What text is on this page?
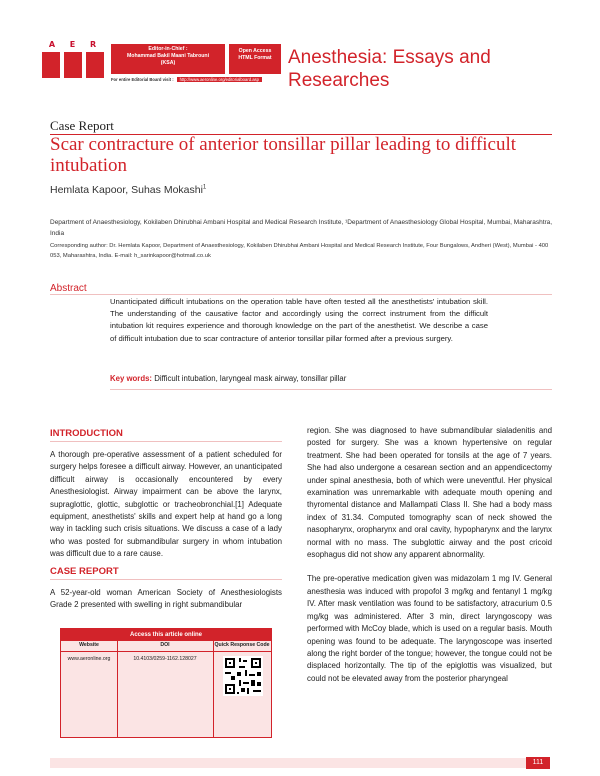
A E R	Editor-in-Chief :
Mohammad Bakil Maani Tabrouni
(KSA)
Open Access
HTML Format
For entire Editorial Board visit : http://www.aeronline.org/editorialboard.asp
Anesthesia: Essays and Researches
Case Report
Scar contracture of anterior tonsillar pillar leading to difficult intubation
Hemlata Kapoor, Suhas Mokashi$^1$
Department of Anaesthesiology, Kokilaben Dhirubhai Ambani Hospital and Medical Research Institute, ¹Department of Anaesthesiology Global Hospital, Mumbai, Maharashtra, India
Corresponding author: Dr. Hemlata Kapoor, Department of Anaesthesiology, Kokilaben Dhirubhai Ambani Hospital and Medical Research Institute, Four Bungalows, Andheri (West), Mumbai - 400 053, Maharashtra, India. E-mail: h_sarinkapoor@hotmail.co.uk
Abstract
Unanticipated difficult intubations on the operation table have often tested all the anesthetists' intubation skill. The understanding of the causative factor and accordingly using the correct instrument from the difficult intubation kit requires experience and thorough knowledge on the part of the anesthetist. We describe a case of difficult intubation due to scar contracture of anterior tonsillar pillar formed after a previous surgery.
Key words: Difficult intubation, laryngeal mask airway, tonsillar pillar
INTRODUCTION
A thorough pre-operative assessment of a patient scheduled for surgery helps foresee a difficult airway. However, an unanticipated difficult airway is occasionally encountered by every Anesthesiologist. Airway impairment can be above the larynx, supraglottic, glottic, subglottic or tracheobronchial.[1] Adequate equipment, anesthetists' skills and expert help at hand go a long way in tackling such crisis situations. We discuss a case of a lady who was posted for submandibular surgery in whom intubation was difficult due to a rare cause.
CASE REPORT
A 52-year-old woman American Society of Anesthesiologists Grade 2 presented with swelling in right submandibular
Access this article online
Website	DOI	Quick Response Code
www.aeronline.org	10.4103/0259-1162.128027

region. She was diagnosed to have submandibular sialadenitis and posted for surgery. She was a known hypertensive on regular treatment. She had been operated for tonsils at the age of 7 years. She had also undergone a cesarean section and an appendicectomy under spinal anesthesia, both of which were uneventful. Her physical examination was unremarkable with adequate mouth opening and thyromental distance and Mallampati Class II. She had a body mass index of 31.34. Computed tomography scan of neck showed the nasopharynx, oropharynx and oral cavity, hypopharynx and the larynx normal with no mass. The subglottic airway and the post cricoid esophagus did not show any apparent abnormality.

The pre-operative medication given was midazolam 1 mg IV. General anesthesia was induced with propofol 3 mg/kg and fentanyl 1 mg/kg IV. After mask ventilation was found to be satisfactory, atracurium 0.5 mg/kg was administered. After 3 min, direct laryngoscopy was performed with McCoy blade, which is used on a regular basis. Mouth opening was found to be adequate. The laryngoscope was inserted along the right border of the tongue; however, the tongue could not be displaced horizontally. The tip of the epiglottis was visualized, but could not be elevated away from the posterior pharyngeal

111
